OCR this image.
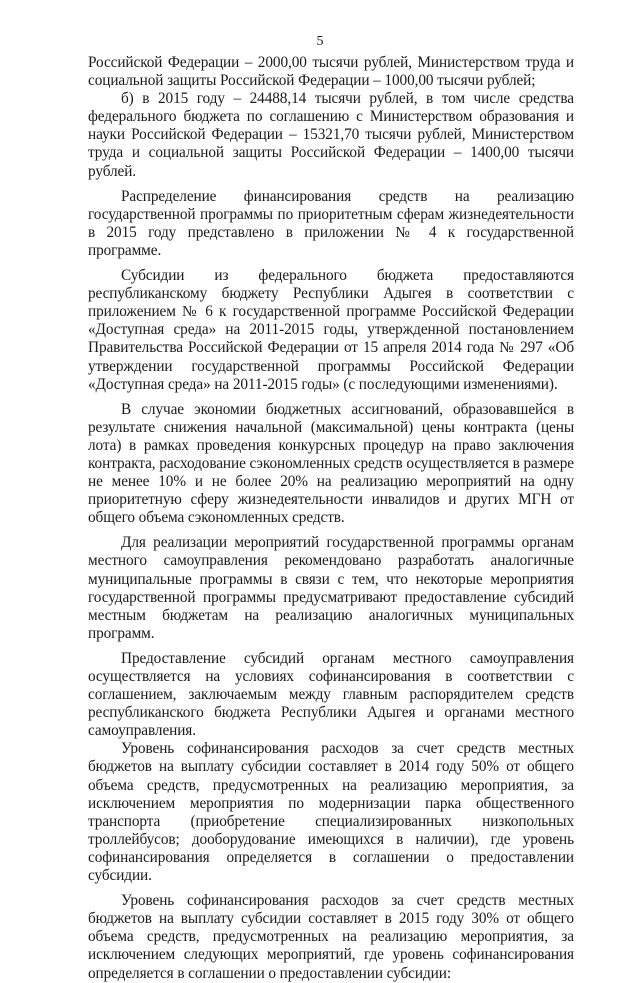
5

Российской Федерации – 2000,00 тысячи рублей, Министерством труда и социальной защиты Российской Федерации – 1000,00 тысячи рублей;

б) в 2015 году – 24488,14 тысячи рублей, в том числе средства федерального бюджета по соглашению с Министерством образования и науки Российской Федерации – 15321,70 тысячи рублей, Министерством труда и социальной защиты Российской Федерации – 1400,00 тысячи рублей.

Распределение финансирования средств на реализацию государственной программы по приоритетным сферам жизнедеятельности в 2015 году представлено в приложении № 4 к государственной программе.

Субсидии из федерального бюджета предоставляются республиканскому бюджету Республики Адыгея в соответствии с приложением № 6 к государственной программе Российской Федерации «Доступная среда» на 2011-2015 годы, утвержденной постановлением Правительства Российской Федерации от 15 апреля 2014 года № 297 «Об утверждении государственной программы Российской Федерации «Доступная среда» на 2011-2015 годы» (с последующими изменениями).

В случае экономии бюджетных ассигнований, образовавшейся в результате снижения начальной (максимальной) цены контракта (цены лота) в рамках проведения конкурсных процедур на право заключения контракта, расходование сэкономленных средств осуществляется в размере не менее 10% и не более 20% на реализацию мероприятий на одну приоритетную сферу жизнедеятельности инвалидов и других МГН от общего объема сэкономленных средств.

Для реализации мероприятий государственной программы органам местного самоуправления рекомендовано разработать аналогичные муниципальные программы в связи с тем, что некоторые мероприятия государственной программы предусматривают предоставление субсидий местным бюджетам на реализацию аналогичных муниципальных программ.

Предоставление субсидий органам местного самоуправления осуществляется на условиях софинансирования в соответствии с соглашением, заключаемым между главным распорядителем средств республиканского бюджета Республики Адыгея и органами местного самоуправления.

Уровень софинансирования расходов за счет средств местных бюджетов на выплату субсидии составляет в 2014 году 50% от общего объема средств, предусмотренных на реализацию мероприятия, за исключением мероприятия по модернизации парка общественного транспорта (приобретение специализированных низкопольных троллейбусов; дооборудование имеющихся в наличии), где уровень софинансирования определяется в соглашении о предоставлении субсидии.

Уровень софинансирования расходов за счет средств местных бюджетов на выплату субсидии составляет в 2015 году 30% от общего объема средств, предусмотренных на реализацию мероприятия, за исключением следующих мероприятий, где уровень софинансирования определяется в соглашении о предоставлении субсидии:
